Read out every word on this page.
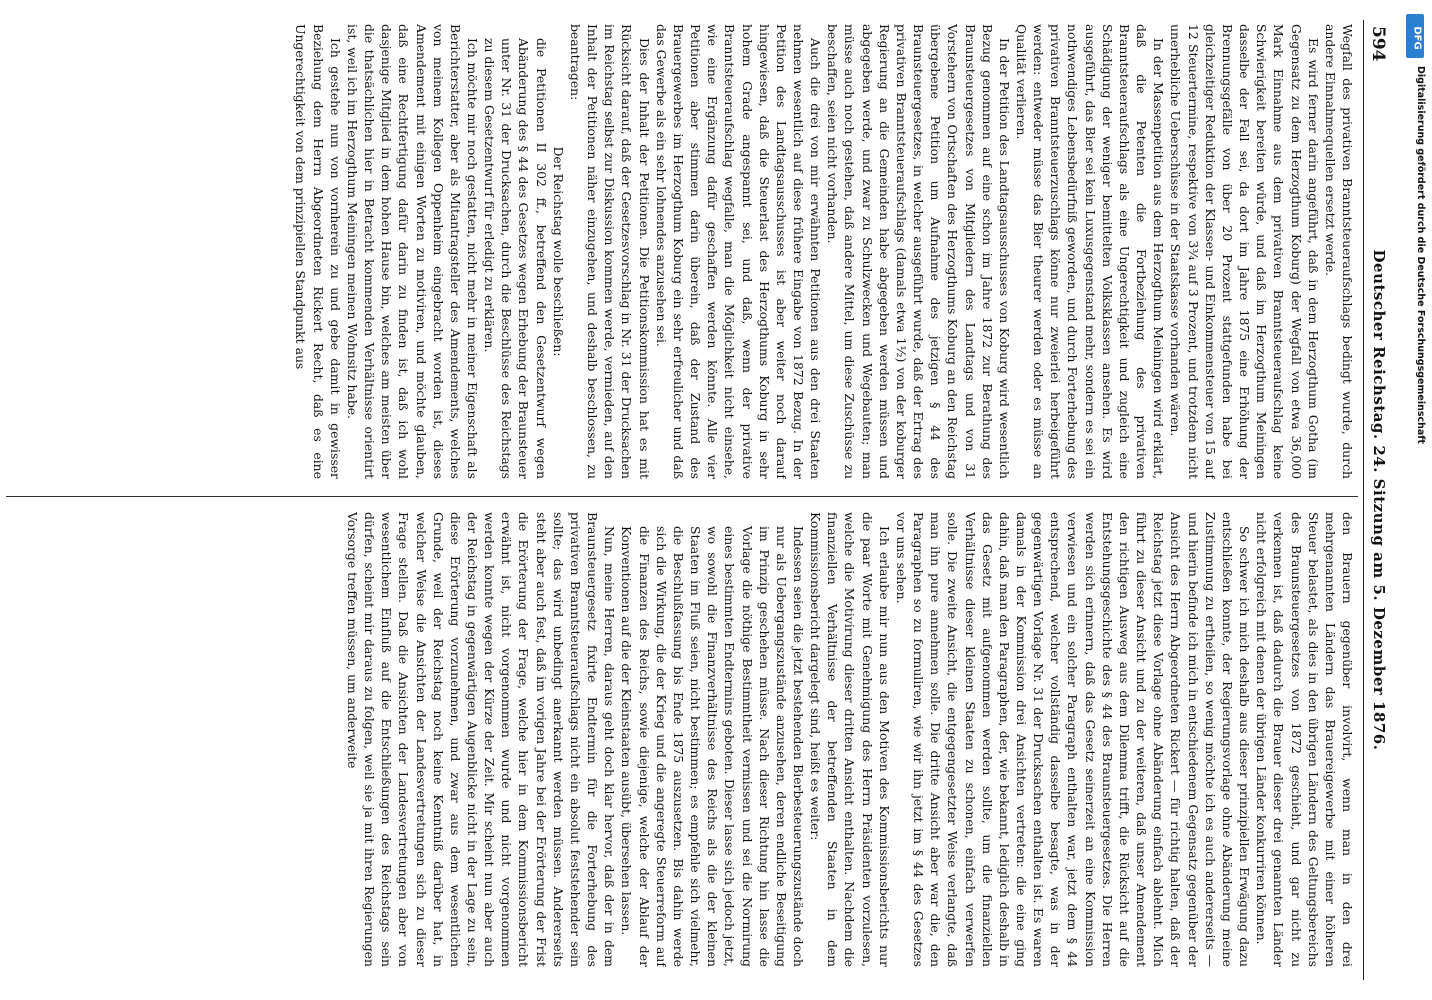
594
Deutscher Reichstag. 24. Sitzung am 5. Dezember 1876.

Wegfall des privativen Branntsteueraufschlags bedingt wurde, durch andere Einnahmequellen ersetzt werde.

Es wird ferner darin angeführt, daß in dem Herzogthum Gotha (im Gegensatz zu dem Herzogthum Koburg) der Wegfall von etwa 36,000 Mark Einnahme aus dem privativen Branntsteueraufschlag keine Schwierigkeit bereiten würde, und daß im Herzogthum Meiningen dasselbe der Fall sei, da dort im Jahre 1875 eine Erhöhung der Brennungsgefälle von über 20 Prozent stattgefunden habe bei gleichzeitiger Reduktion der Klassen- und Einkommensteuer von 15 auf 12 Steuertermine, respektive von 3¾ auf 3 Prozent, und trotzdem nicht unerhebliche Ueberschüsse in der Staatskasse vorhanden wären.

In der Massenpetition aus dem Herzogthum Meiningen wird erklärt, daß die Petenten die Fortbeziehung des privativen Branntsteueraufschlags als eine Ungerechtigkeit und zugleich eine Schädigung der weniger bemittelten Volksklassen ansehen. Es wird ausgeführt, das Bier sei kein Luxusgegenstand mehr, sondern es sei ein nothwendiges Lebensbedürfniß geworden, und durch Forterhebung des privativen Branntsteuerzuschlags könne nur zweierlei herbeigeführt werden: entweder müsse das Bier theurer werden oder es müsse an Qualität verlieren.

In der Petition des Landtagsausschusses von Koburg wird wesentlich Bezug genommen auf eine schon im Jahre 1872 zur Berathung des Braunsteuergesetzes von Mitgliedern des Landtags und von 31 Vorstehern von Ortschaften des Herzogthums Koburg an den Reichstag übergebene Petition um Aufnahme des jetzigen § 44 des Braunsteuergesetzes, in welcher ausgeführt wurde, daß der Ertrag des privativen Branntsteueraufschlags (damals etwa 1½) von der koburger Regierung an die Gemeinden habe abgegeben werden müssen und abgegeben werde, und zwar zu Schulzwecken und Wegebauten; man müsse auch noch gestehen, daß andere Mittel, um diese Zuschüsse zu beschaffen, seien nicht vorhanden.

Auch die drei von mir erwähnten Petitionen aus den drei Staaten nehmen wesentlich auf diese frühere Eingabe von 1872 Bezug. In der Petition des Landtagsausschusses ist aber weiter noch darauf hingewiesen, daß die Steuerlast des Herzogthums Koburg in sehr hohem Grade angespannt sei, und daß, wenn der privative Branntsteueraufschlag wegfalle, man die Möglichkeit nicht einsehe, wie eine Ergänzung dafür geschaffen werden könnte. Alle vier Petitionen aber stimmen darin überein, daß der Zustand des Brauergewerbes im Herzogthum Koburg ein sehr erfreulicher und daß das Gewerbe als ein sehr lohnendes anzusehen sei.

Dies der Inhalt der Petitionen. Die Petitionskommission hat es mit Rücksicht darauf, daß der Gesetzesvorschlag in Nr. 31 der Drucksachen im Reichstag selbst zur Diskussion kommen werde, vermieden, auf den Inhalt der Petitionen näher einzugehen, und deshalb beschlossen, zu beantragen:

Der Reichstag wolle beschließen:

die Petitionen II 302 ff., betreffend den Gesetzentwurf wegen Abänderung des § 44 des Gesetzes wegen Erhebung der Braunsteuer unter Nr. 31 der Drucksachen, durch die Beschlüsse des Reichstags zu diesem Gesetzentwurf für erledigt zu erklären.

Ich möchte mir noch gestatten, nicht mehr in meiner Eigenschaft als Berichterstatter, aber als Mitantragsteller des Amendements, welches von meinem Kollegen Oppenheim eingebracht worden ist, dieses Amendement mit einigen Worten zu motiviren, und möchte glauben, daß eine Rechtfertigung dafür darin zu finden ist, daß ich wohl dasjenige Mitglied in dem hohen Hause bin, welches am meisten über die thatsächlichen hier in Betracht kommenden Verhältnisse orientirt ist, weil ich im Herzogthum Meiningen meinen Wohnsitz habe.

Ich gestehe nun von vornherein zu und gebe damit in gewisser Beziehung dem Herrn Abgeordneten Rickert Recht, daß es eine Ungerechtigkeit von dem prinzipiellen Standpunkt aus

den Brauern gegenüber involvirt, wenn man in den drei mehrgenannten Ländern das Brauereigewerbe mit einer höheren Steuer belastet, als dies in den übrigen Ländern des Geltungsbereichs des Braunsteuergesetzes von 1872 geschieht, und gar nicht zu verkennen ist, daß dadurch die Brauer dieser drei genannten Länder nicht erfolgreich mit denen der übrigen Länder konkurriren können.

So schwer ich mich deshalb aus dieser prinzipiellen Erwägung dazu entschließen konnte, der Regierungsvorlage ohne Abänderung meine Zustimmung zu ertheilen, so wenig möchte ich es auch andererseits — und hierin befinde ich mich in entschiedenem Gegensatz gegenüber der Ansicht des Herrn Abgeordneten Rickert — für richtig halten, daß der Reichstag jetzt diese Vorlage ohne Abänderung einfach ablehnt. Mich führt zu dieser Ansicht und zu der weiteren, daß unser Amendement den richtigen Ausweg aus dem Dilemma trifft, die Rücksicht auf die Entstehungsgeschichte des § 44 des Braunsteuergesetzes. Die Herren werden sich erinnern, daß das Gesetz seinerzeit an eine Kommission verwiesen und ein solcher Paragraph enthalten war, jetzt dem § 44 entsprechend, welcher vollständig dasselbe besagte, was in der gegenwärtigen Vorlage Nr. 31 der Drucksachen enthalten ist. Es waren damals in der Kommission drei Ansichten vertreten: die eine ging dahin, daß man den Paragraphen, der, wie bekannt, lediglich deshalb in das Gesetz mit aufgenommen werden sollte, um die finanziellen Verhältnisse dieser kleinen Staaten zu schonen, einfach verwerfen solle. Die zweite Ansicht, die entgegengesetzter Weise verlangte, daß man ihn pure annehmen solle. Die dritte Ansicht aber war die, den Paragraphen so zu formuliren, wie wir ihn jetzt im § 44 des Gesetzes vor uns sehen.

Ich erlaube mir nun aus den Motiven des Kommissionsberichts nur die paar Worte mit Genehmigung des Herrn Präsidenten vorzulesen, welche die Motivirung dieser dritten Ansicht enthalten. Nachdem die finanziellen Verhältnisse der betreffenden Staaten in dem Kommissionsbericht dargelegt sind, heißt es weiter:

Indessen seien die jetzt bestehenden Bierbesteuerungszustände doch nur als Uebergangszustände anzusehen, deren endliche Beseitigung im Prinzip geschehen müsse. Nach dieser Richtung hin lasse die Vorlage die nöthige Bestimmtheit vermissen und sei die Normirung eines bestimmten Endtermins geboten. Dieser lasse sich jedoch jetzt, wo sowohl die Finanzverhältnisse des Reichs als die der kleinen Staaten im Fluß seien, nicht bestimmen; es empfehle sich vielmehr, die Beschlußfassung bis Ende 1875 auszusetzen. Bis dahin werde sich die Wirkung, die der Krieg und die angeregte Steuerreform auf die Finanzen des Reichs, sowie diejenige, welche der Ablauf der Konventionen auf die der Kleinstaaten ausübt, übersehen lassen.

Nun, meine Herren, daraus geht doch klar hervor, daß der in dem Braunsteuergesetz fixirte Endtermin für die Forterhebung des privativen Branntsteueraufschlags nicht ein absolut feststehender sein sollte; das wird unbedingt anerkannt werden müssen. Andererseits steht aber auch fest, daß im vorigen Jahre bei der Erörterung der Frist die Erörterung der Frage, welche hier in dem Kommissionsbericht erwähnt ist, nicht vorgenommen wurde und nicht vorgenommen werden konnte wegen der Kürze der Zeit. Mir scheint nun aber auch der Reichstag in gegenwärtigen Augenblicke nicht in der Lage zu sein, diese Erörterung vorzunehmen, und zwar aus dem wesentlichen Grunde, weil der Reichstag noch keine Kenntniß darüber hat, in welcher Weise die Ansichten der Landesvertretungen sich zu dieser Frage stellen. Daß die Ansichten der Landesvertretungen aber von wesentlichem Einfluß auf die Entschließungen des Reichstags sein dürfen, scheint mir daraus zu folgen, weil sie ja mit ihren Regierungen Vorsorge treffen müssen, um anderweite

DFG
Digitalisierung gefördert durch die Deutsche Forschungsgemeinschaft
